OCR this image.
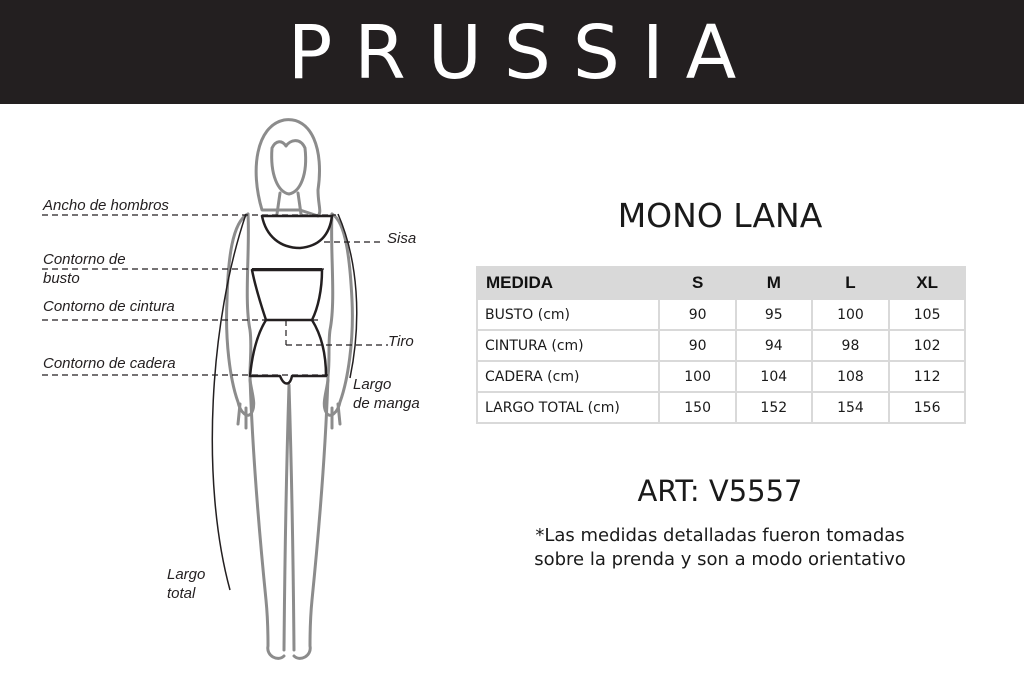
PRUSSIA
Ancho de hombros
Contorno de
busto
Contorno de cintura
Contorno de cadera
Sisa
Tiro
Largo
de manga
Largo
total
MONO LANA
MEDIDA	S	M	L	XL
BUSTO (cm)	90	95	100	105
CINTURA (cm)	90	94	98	102
CADERA (cm)	100	104	108	112
LARGO TOTAL (cm)	150	152	154	156
ART: V5557
*Las medidas detalladas fueron tomadas
sobre la prenda y son a modo orientativo
